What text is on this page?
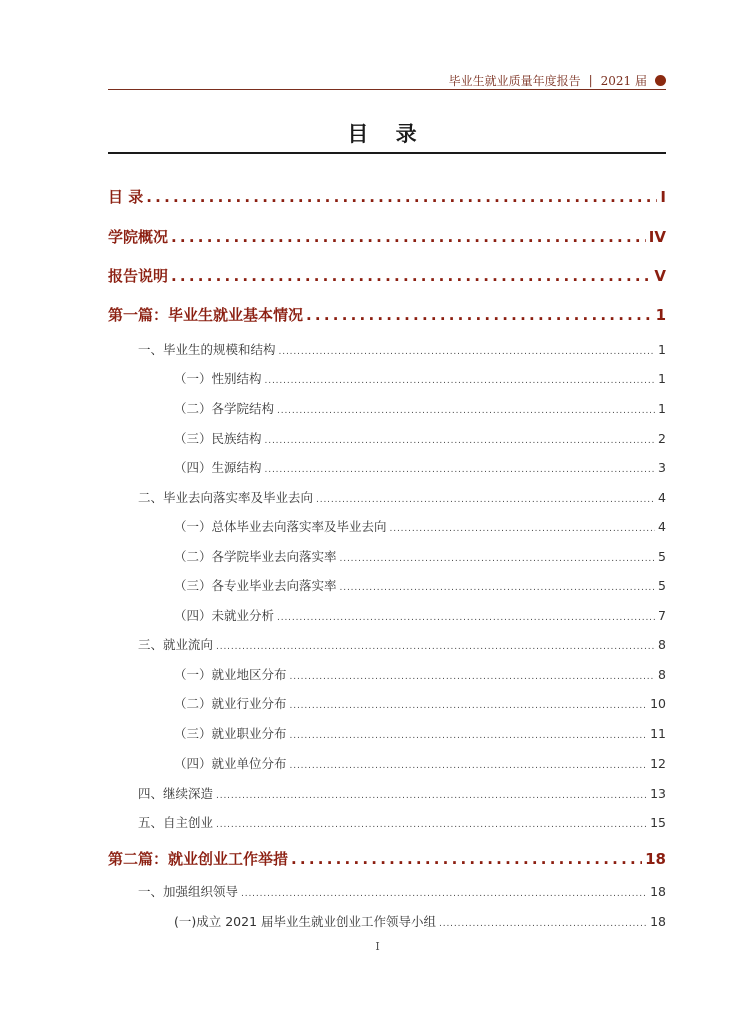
毕业生就业质量年度报告 | 2021 届
目 录
目 录 . . .	I
学院概况 . . .	IV
报告说明 . . .	V
第一篇：毕业生就业基本情况 . . .	1
一、毕业生的规模和结构 . . .	1
（一）性别结构 . . .	1
（二）各学院结构 . . .	1
（三）民族结构 . . .	2
（四）生源结构 . . .	3
二、毕业去向落实率及毕业去向 . . .	4
（一）总体毕业去向落实率及毕业去向 . . .	4
（二）各学院毕业去向落实率 . . .	5
（三）各专业毕业去向落实率 . . .	5
（四）未就业分析 . . .	7
三、就业流向 . . .	8
（一）就业地区分布 . . .	8
（二）就业行业分布 . . .	10
（三）就业职业分布 . . .	11
（四）就业单位分布 . . .	12
四、继续深造 . . .	13
五、自主创业 . . .	15
第二篇：就业创业工作举措 . . .	18
一、加强组织领导 . . .	18
(一)成立 2021 届毕业生就业创业工作领导小组 . . .	18
I
